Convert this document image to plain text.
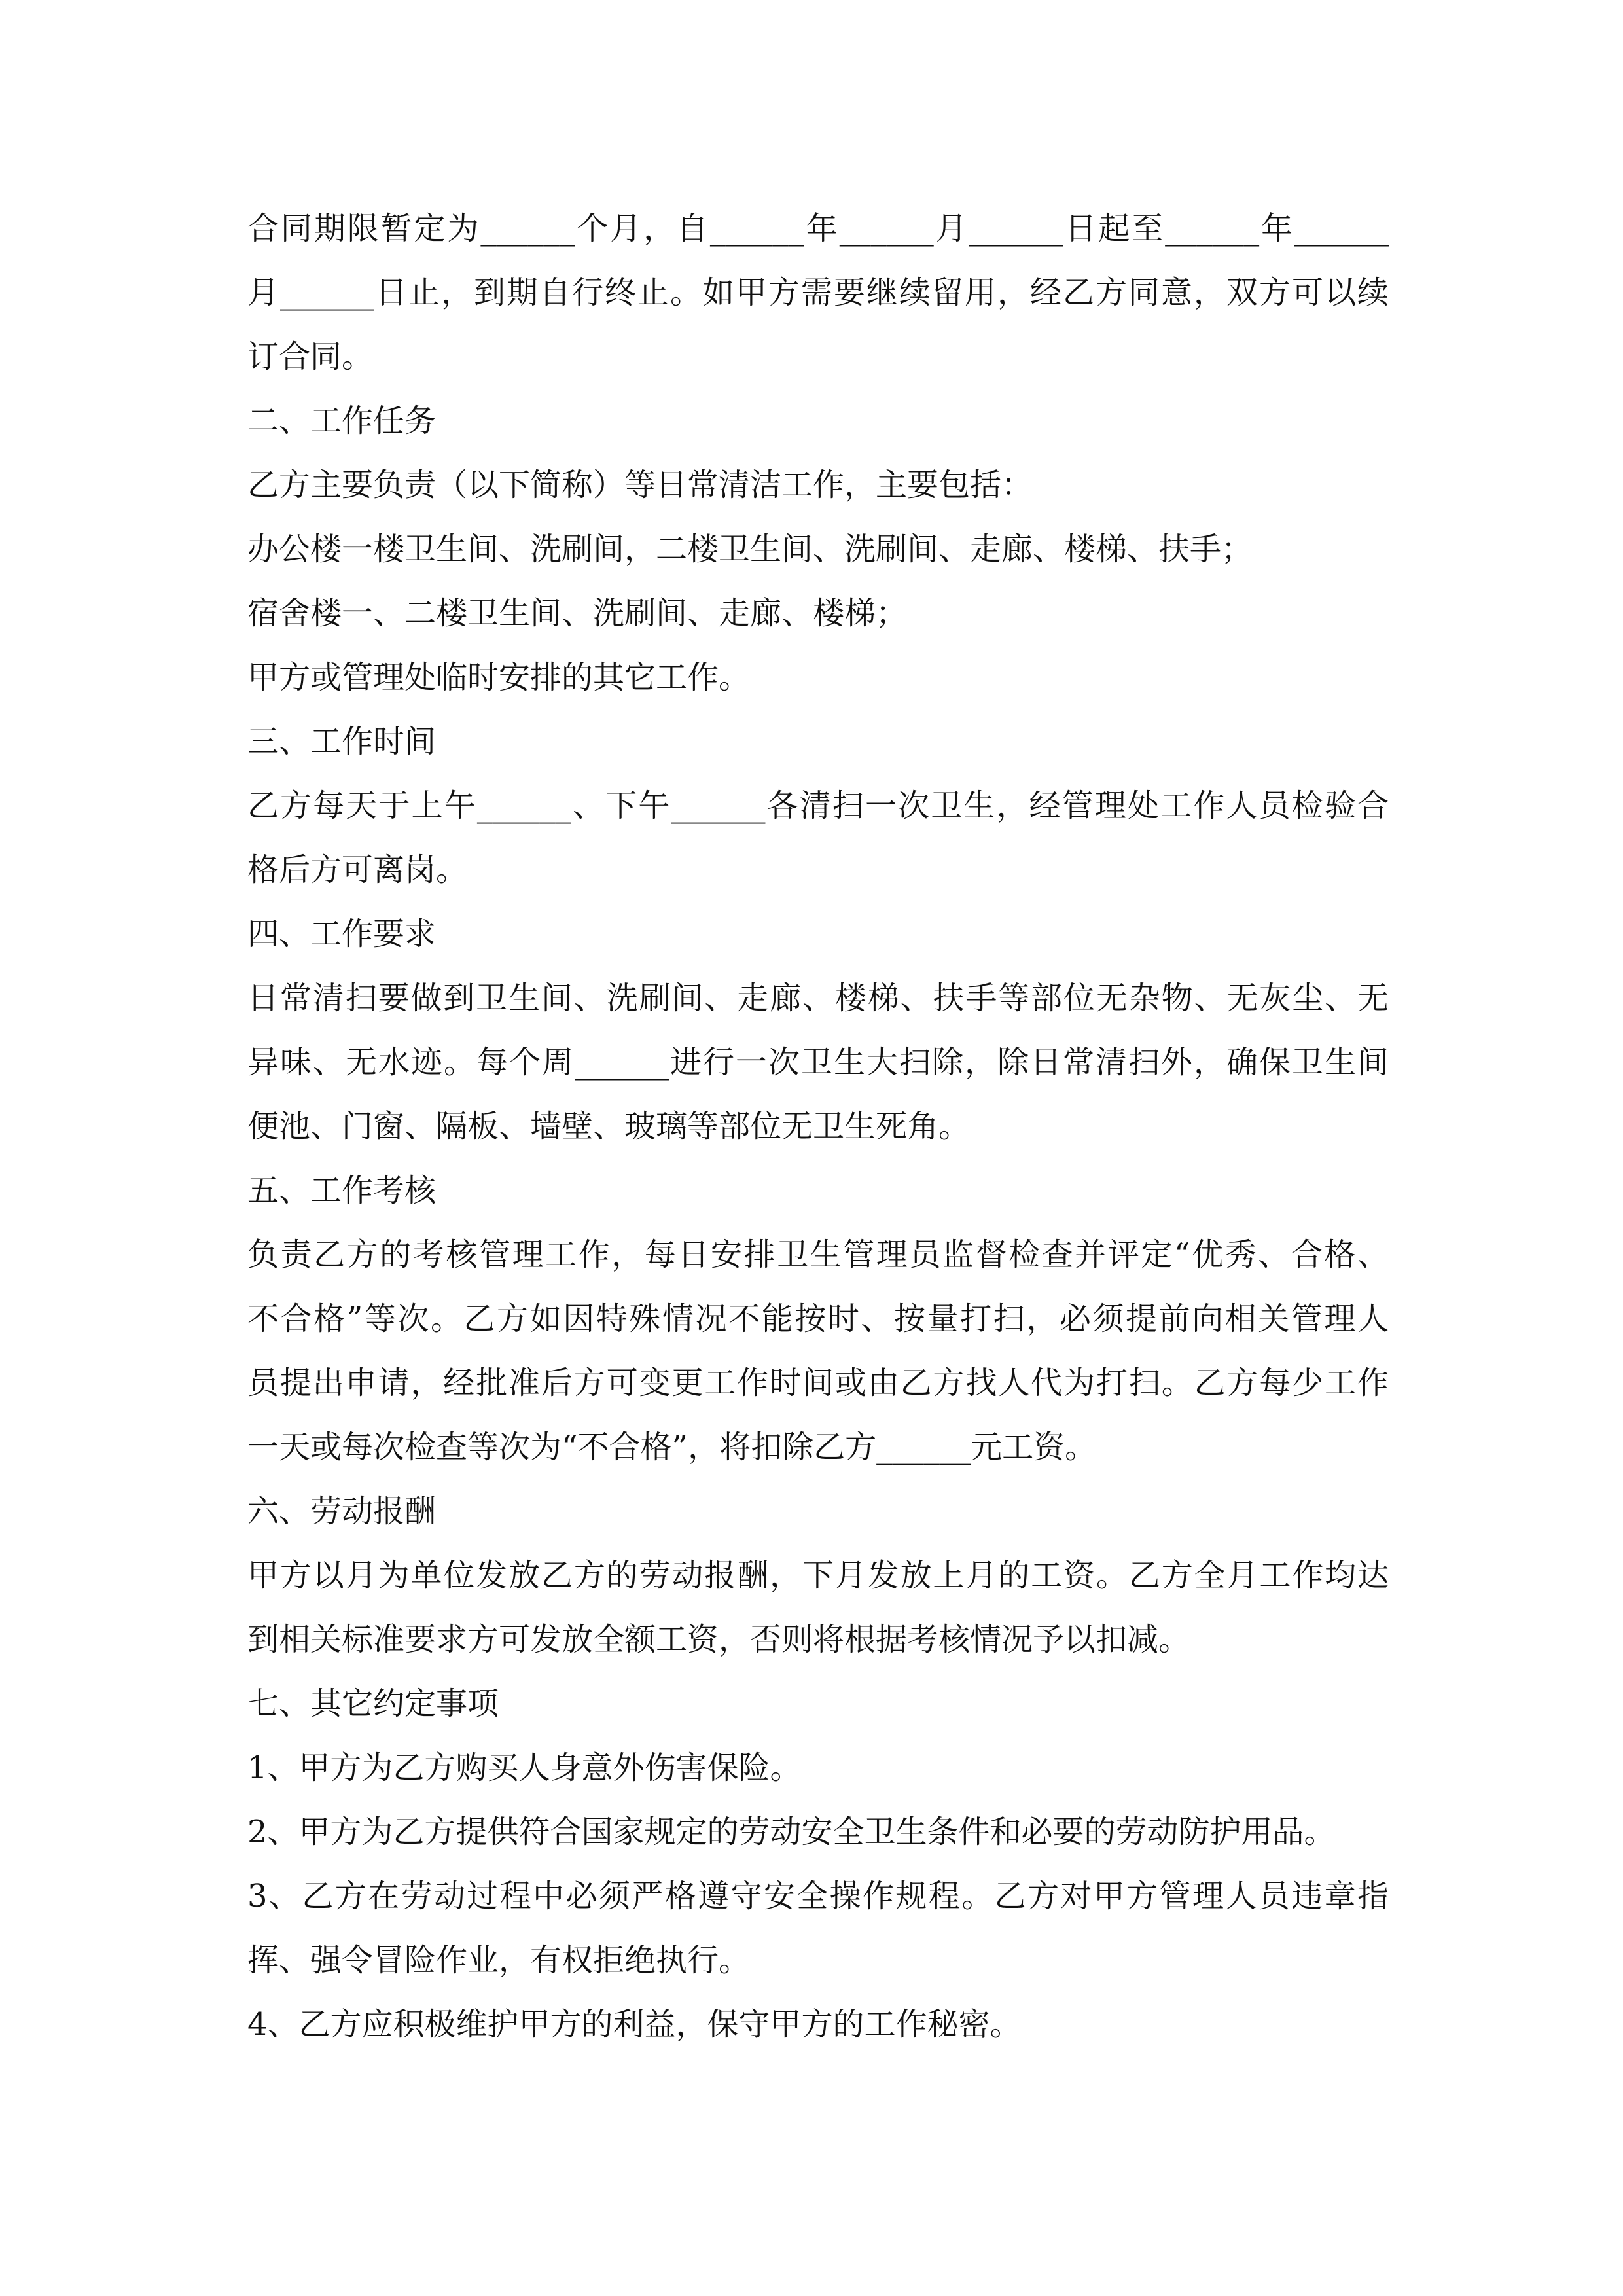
合同期限暂定为______个月，自______年______月______日起至______年______
月______日止，到期自行终止。如甲方需要继续留用，经乙方同意，双方可以续
订合同。
二、工作任务
乙方主要负责（以下简称）等日常清洁工作，主要包括：
办公楼一楼卫生间、洗刷间，二楼卫生间、洗刷间、走廊、楼梯、扶手；
宿舍楼一、二楼卫生间、洗刷间、走廊、楼梯；
甲方或管理处临时安排的其它工作。
三、工作时间
乙方每天于上午______、下午______各清扫一次卫生，经管理处工作人员检验合
格后方可离岗。
四、工作要求
日常清扫要做到卫生间、洗刷间、走廊、楼梯、扶手等部位无杂物、无灰尘、无
异味、无水迹。每个周______进行一次卫生大扫除，除日常清扫外，确保卫生间
便池、门窗、隔板、墙壁、玻璃等部位无卫生死角。
五、工作考核
负责乙方的考核管理工作，每日安排卫生管理员监督检查并评定“优秀、合格、
不合格”等次。乙方如因特殊情况不能按时、按量打扫，必须提前向相关管理人
员提出申请，经批准后方可变更工作时间或由乙方找人代为打扫。乙方每少工作
一天或每次检查等次为“不合格”，将扣除乙方______元工资。
六、劳动报酬
甲方以月为单位发放乙方的劳动报酬，下月发放上月的工资。乙方全月工作均达
到相关标准要求方可发放全额工资，否则将根据考核情况予以扣减。
七、其它约定事项
1、甲方为乙方购买人身意外伤害保险。
2、甲方为乙方提供符合国家规定的劳动安全卫生条件和必要的劳动防护用品。
3、乙方在劳动过程中必须严格遵守安全操作规程。乙方对甲方管理人员违章指
挥、强令冒险作业，有权拒绝执行。
4、乙方应积极维护甲方的利益，保守甲方的工作秘密。
